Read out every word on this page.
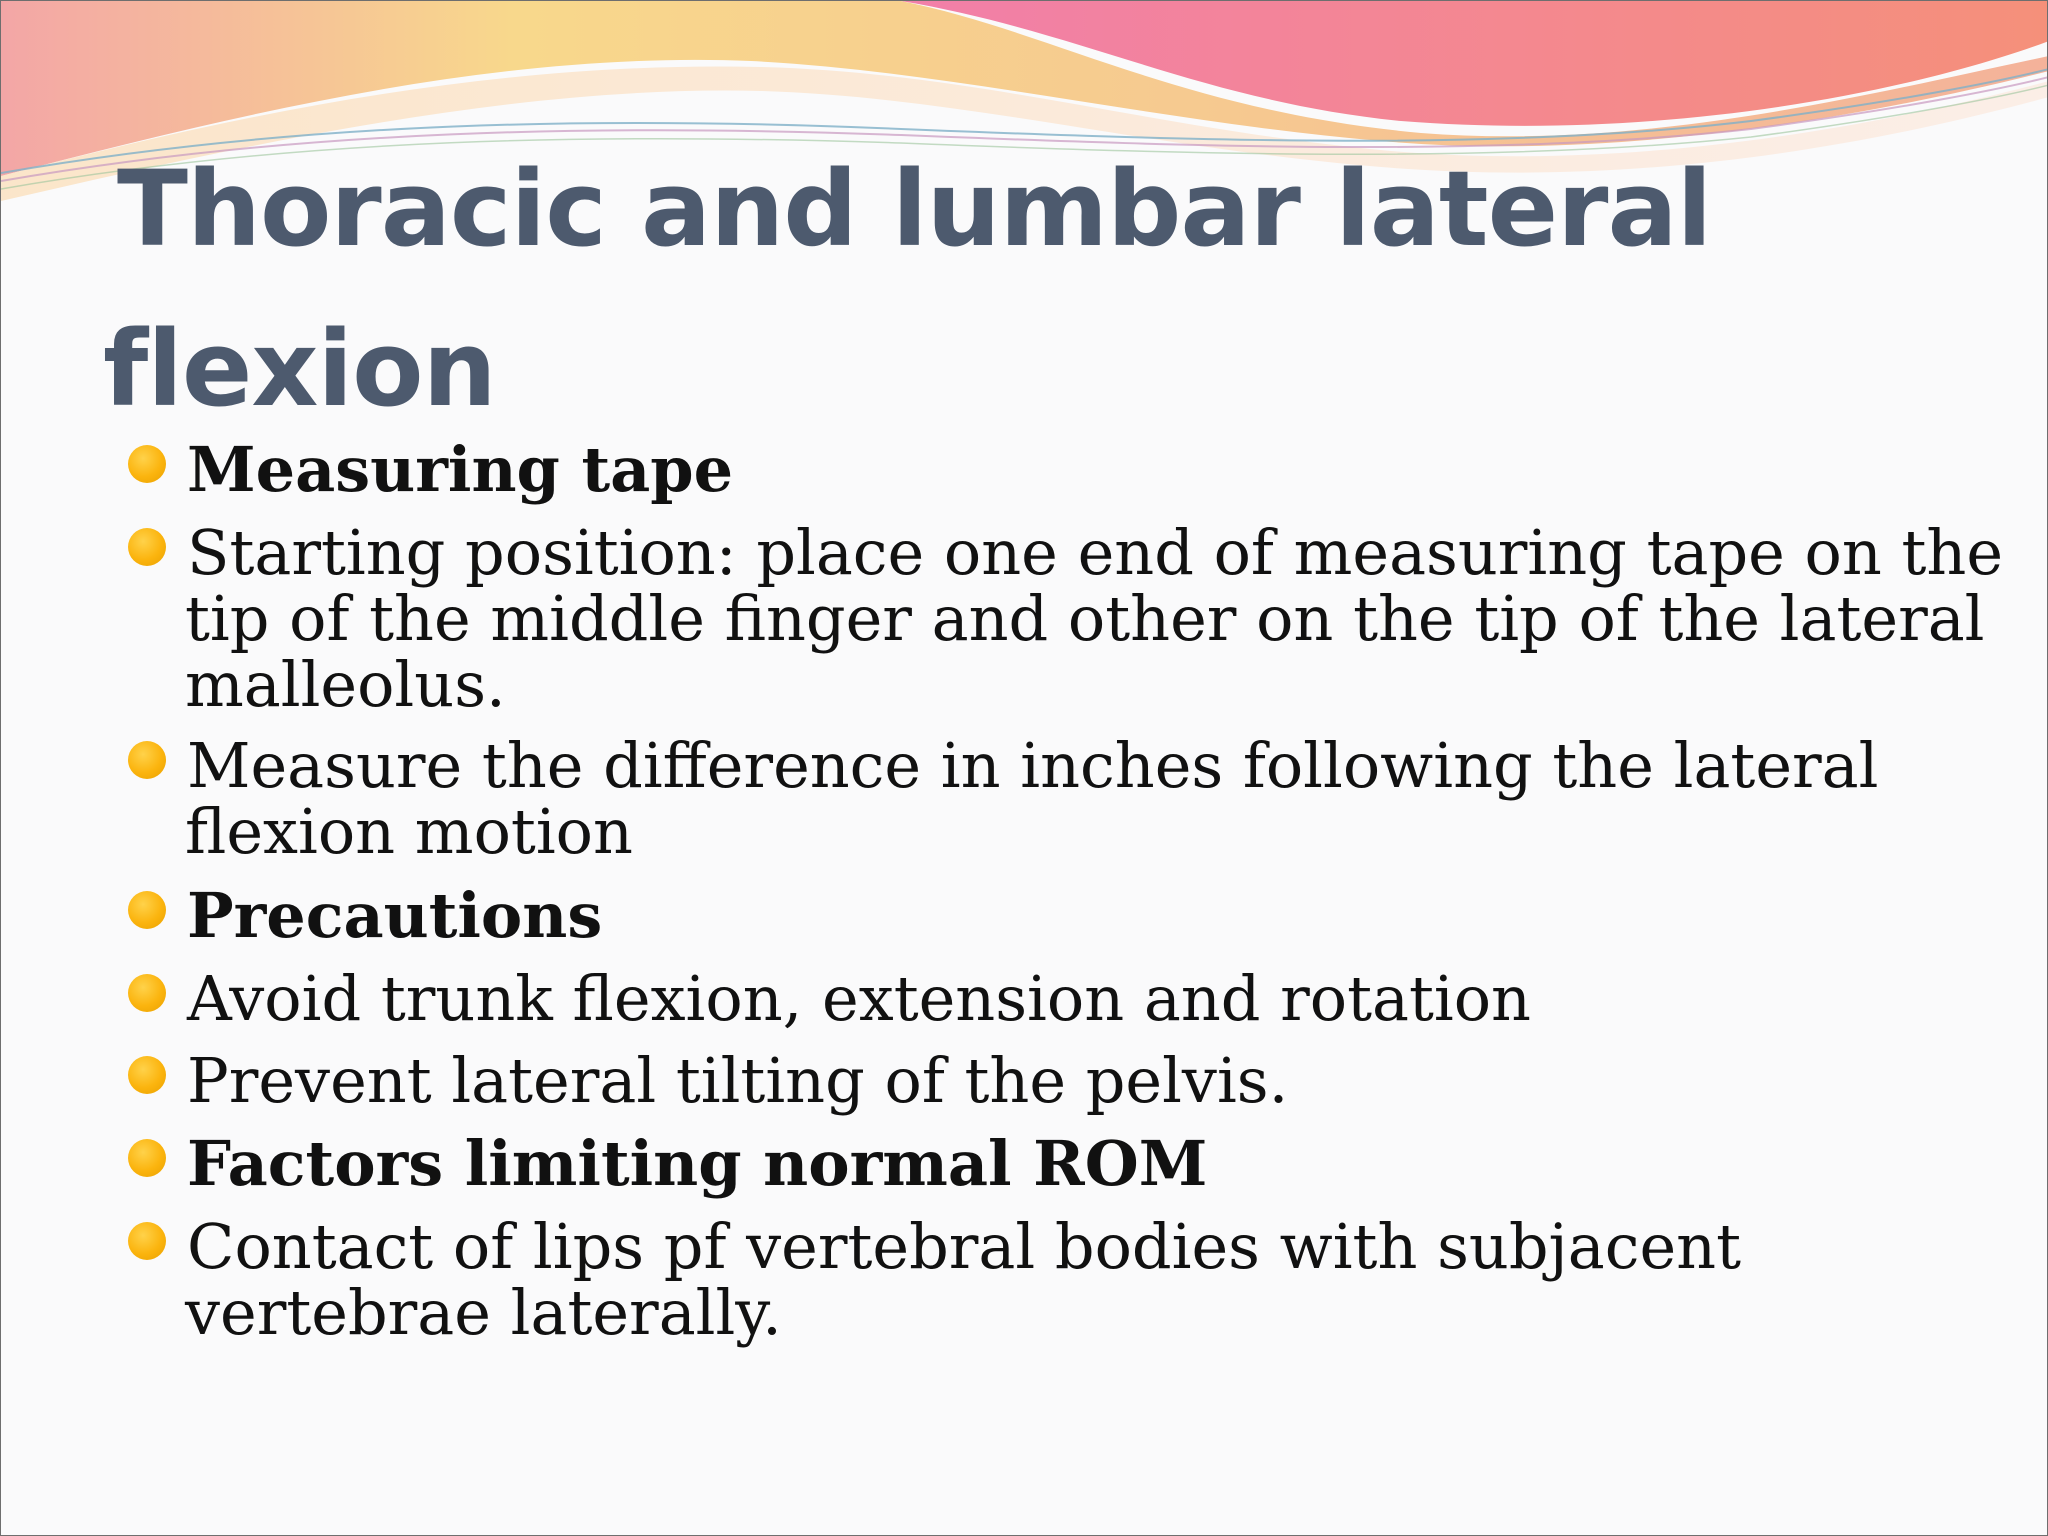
Thoracic and lumbar lateral
flexion
Measuring tape
Starting position: place one end of measuring tape on the
tip of the middle finger and other on the tip of the lateral
malleolus.
Measure the difference in inches following the lateral
flexion motion
Precautions
Avoid trunk flexion, extension and rotation
Prevent lateral tilting of the pelvis.
Factors limiting normal ROM
Contact of lips pf vertebral bodies with subjacent
vertebrae laterally.
